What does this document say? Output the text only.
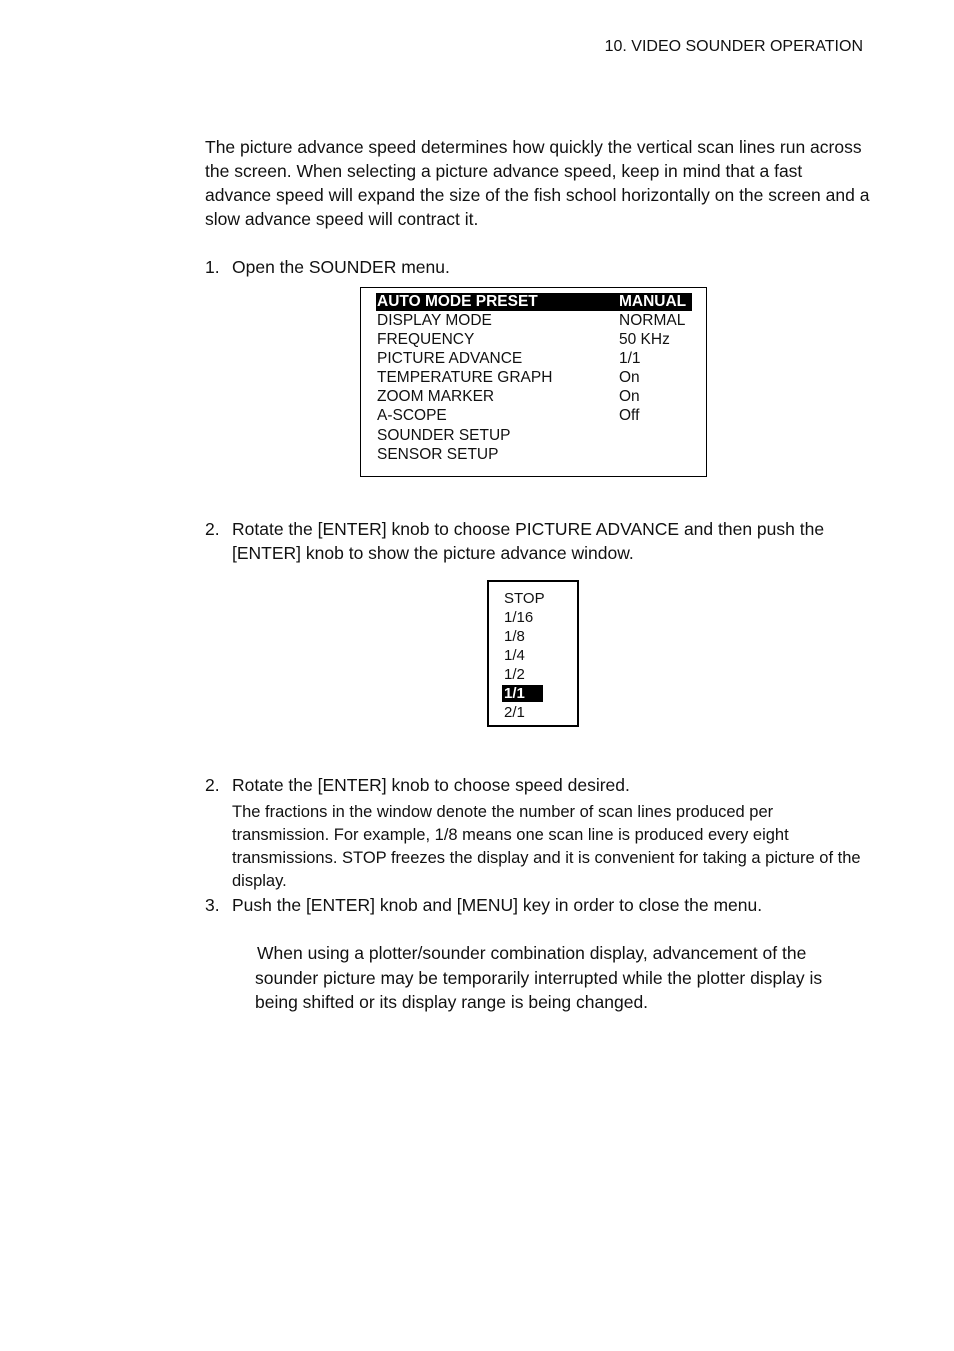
10. VIDEO SOUNDER OPERATION
The picture advance speed determines how quickly the vertical scan lines run across the screen. When selecting a picture advance speed, keep in mind that a fast advance speed will expand the size of the fish school horizontally on the screen and a slow advance speed will contract it.
1. Open the SOUNDER menu.
AUTO MODE PRESET	MANUAL
DISPLAY MODE	NORMAL
FREQUENCY	50 KHz
PICTURE ADVANCE	1/1
TEMPERATURE GRAPH	On
ZOOM MARKER	On
A-SCOPE	Off
SOUNDER SETUP
SENSOR SETUP
2. Rotate the [ENTER] knob to choose PICTURE ADVANCE and then push the [ENTER] knob to show the picture advance window.
STOP
1/16
1/8
1/4
1/2
1/1
2/1
2. Rotate the [ENTER] knob to choose speed desired.
The fractions in the window denote the number of scan lines produced per transmission. For example, 1/8 means one scan line is produced every eight transmissions. STOP freezes the display and it is convenient for taking a picture of the display.
3. Push the [ENTER] knob and [MENU] key in order to close the menu.
When using a plotter/sounder combination display, advancement of the sounder picture may be temporarily interrupted while the plotter display is being shifted or its display range is being changed.
